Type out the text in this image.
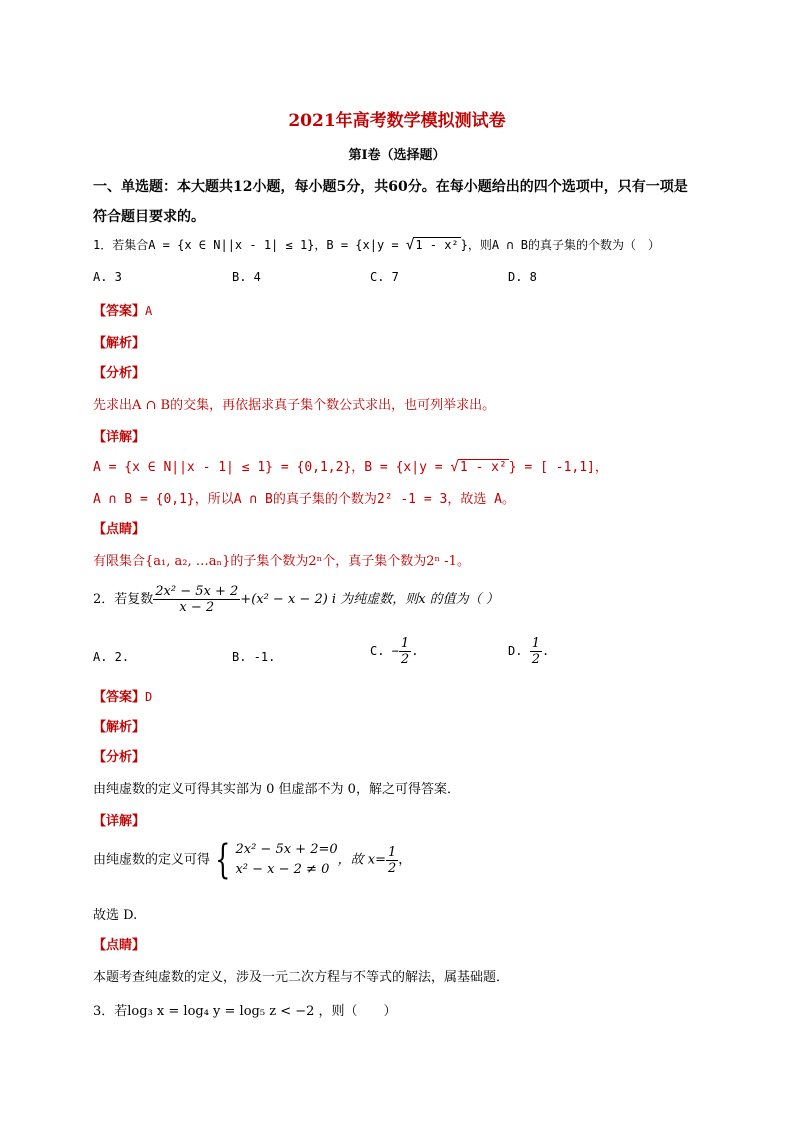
2021年高考数学模拟测试卷
第Ⅰ卷（选择题）
一、单选题：本大题共12小题，每小题5分，共60分。在每小题给出的四个选项中，只有一项是
符合题目要求的。
1．若集合A = {x ∈ N||x - 1| ≤ 1}，B = {x|y = √1 - x² }，则A ∩ B的真子集的个数为（　）
A. 3	B. 4	C. 7	D. 8
【答案】A
【解析】
【分析】
先求出A ∩ B的交集，再依据求真子集个数公式求出，也可列举求出。
【详解】
A = {x ∈ N||x - 1| ≤ 1} = {0,1,2}，B = {x|y = √1 - x² } = [ -1,1]，
A ∩ B = {0,1}，所以A ∩ B的真子集的个数为2² -1 = 3，故选 A。
【点睛】
有限集合{a₁, a₂, …aₙ}的子集个数为2ⁿ个，真子集个数为2ⁿ -1。
2．若复数 $\frac{\text{2x² − 5x + 2}}{x - 2} +(x^2 - x - 2)$ i 为纯虚数，则x 的值为（ ）
A. 2.	B. -1.	C. − $\frac{1}{2}$ .	D. $\frac{1}{2}$ .
【答案】D
【解析】
【分析】
由纯虚数的定义可得其实部为 0 但虚部不为 0，解之可得答案．
【详解】
由纯虚数的定义可得 { 2x² − 5x + 2=0
x² − x − 2 ≠ 0
，故 $x= \frac{1}{2}$ ，
故选 D.
【点睛】
本题考查纯虚数的定义，涉及一元二次方程与不等式的解法，属基础题．
3．若log₃ x = log₄ y = log₅ z < −2 ，则（　　）
